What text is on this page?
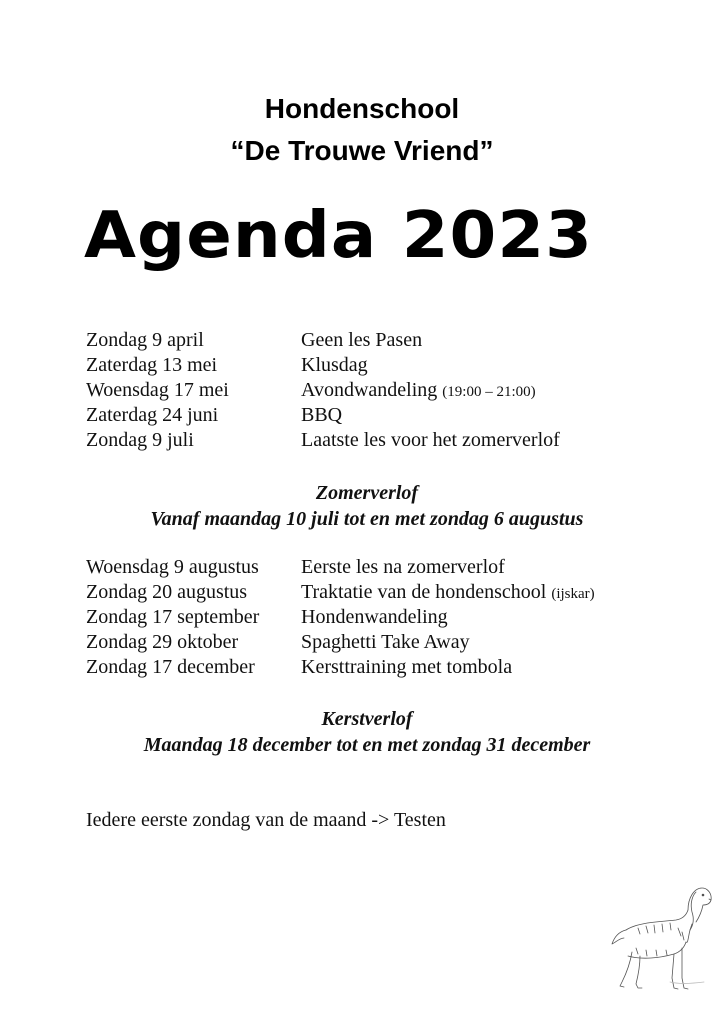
Hondenschool
“De Trouwe Vriend”
Agenda 2023
Zondag 9 april	Geen les Pasen
Zaterdag 13 mei	Klusdag
Woensdag 17 mei	Avondwandeling (19:00 – 21:00)
Zaterdag 24 juni	BBQ
Zondag 9 juli	Laatste les voor het zomerverlof
Zomerverlof
Vanaf maandag 10 juli tot en met zondag 6 augustus
Woensdag 9 augustus Eerste les na zomerverlof
Zondag 20 augustus	Traktatie van de hondenschool (ijskar)
Zondag 17 september Hondenwandeling
Zondag 29 oktober	Spaghetti Take Away
Zondag 17 december Kersttraining met tombola
Kerstverlof
Maandag 18 december tot en met zondag 31 december
Iedere eerste zondag van de maand -> Testen
